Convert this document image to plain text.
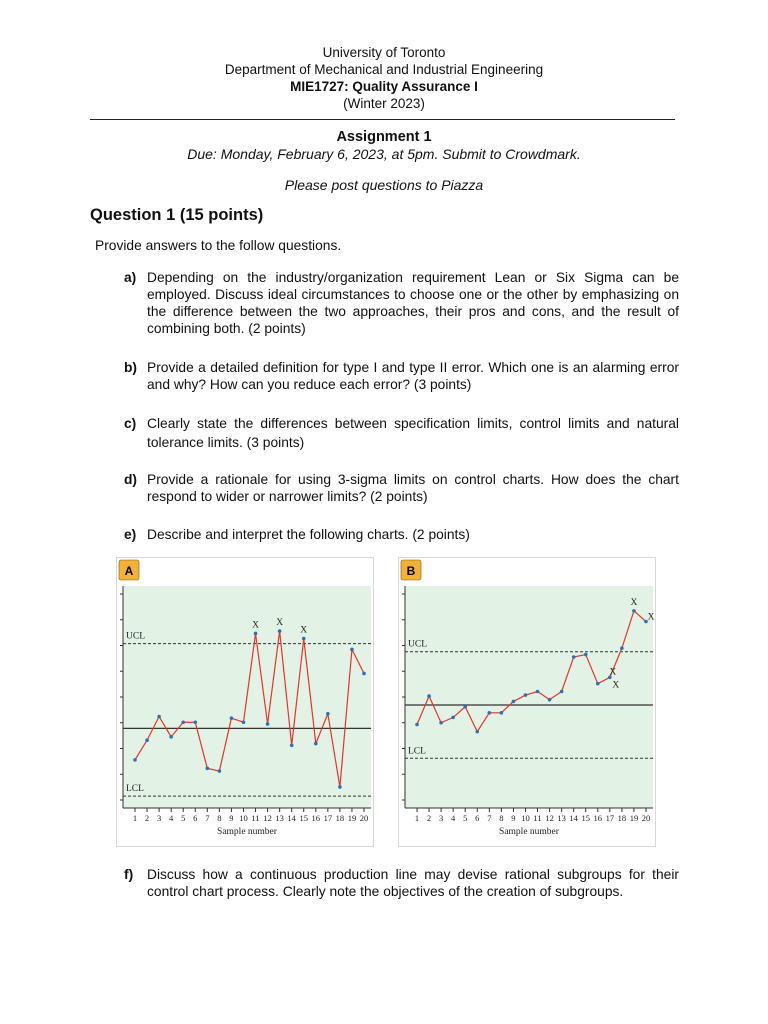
University of Toronto
Department of Mechanical and Industrial Engineering
MIE1727: Quality Assurance I
(Winter 2023)
Assignment 1
Due: Monday, February 6, 2023, at 5pm. Submit to Crowdmark.
Please post questions to Piazza
Question 1 (15 points)
Provide answers to the follow questions.
a) Depending on the industry/organization requirement Lean or Six Sigma can be employed. Discuss ideal circumstances to choose one or the other by emphasizing on the difference between the two approaches, their pros and cons, and the result of combining both. (2 points)
b) Provide a detailed definition for type I and type II error. Which one is an alarming error and why? How can you reduce each error? (3 points)
c) Clearly state the differences between specification limits, control limits and natural tolerance limits. (3 points)
d) Provide a rationale for using 3-sigma limits on control charts. How does the chart respond to wider or narrower limits? (2 points)
e) Describe and interpret the following charts. (2 points)
A
UCL
LCL
1 2 3 4 5 6 7 8 9 10 11 12 13 14 15 16 17 18 19 20
Sample number
X X
X
B
UCL
LCL
1 2 3 4 5 6 7 8 9 10 11 12 13 14 15 16 17 18 19 20
Sample number
X
X
X
X
f) Discuss how a continuous production line may devise rational subgroups for their control chart process. Clearly note the objectives of the creation of subgroups.
